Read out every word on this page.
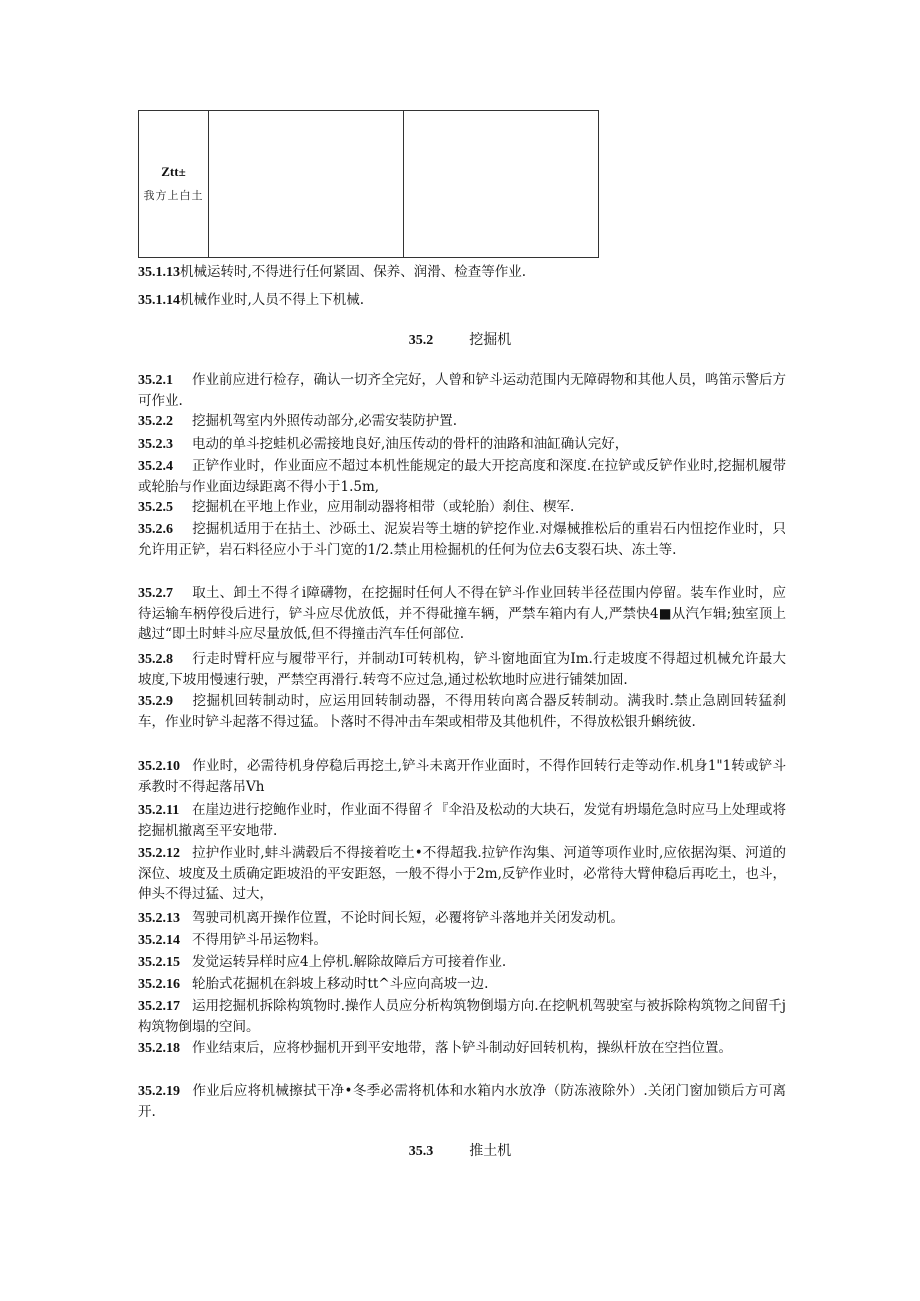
Ztt±
我方上白土

35.1.13机械运转时,不得进行任何紧固、保养、润滑、检查等作业.

35.1.14机械作业时,人员不得上下机械.

35.2	挖掘机

35.2.1 作业前应进行检存，确认一切齐全完好，人曾和铲斗运动范围内无障碍物和其他人员，鸣笛示警后方可作业.

35.2.2 挖掘机驾室内外照传动部分,必需安装防护置.

35.2.3 电动的单斗挖蛙机必需接地良好,油压传动的骨杆的油路和油缸确认完好，

35.2.4 正铲作业时，作业面应不超过本机性能规定的最大开挖高度和深度.在拉铲或反铲作业时,挖掘机履带或轮胎与作业面边绿距离不得小于1.5m,

35.2.5 挖掘机在平地上作业，应用制动器将相带（或轮胎）刹住、楔军.

35.2.6 挖掘机适用于在拈土、沙砾土、泥炭岩等土塘的铲挖作业.对爆械推松后的重岩石内忸挖作业时，只允许用正铲，岩石料径应小于斗门宽的1/2.禁止用检掘机的任何为位去6支裂石块、冻土等.

35.2.7 取土、卸土不得彳i障礴物，在挖掘时任何人不得在铲斗作业回转半径莅围内停留。装车作业时，应待运输车柄停役后进行，铲斗应尽优放低，并不得砒撞车辆，严禁车箱内有人,严禁快4■从汽乍辑;独室顶上越过“即土时蚌斗应尽量放低,但不得撞击汽车任何部位.

35.2.8 行走时臂杆应与履带平行，并制动I可转机构，铲斗窗地面宜为Im.行走坡度不得超过机械允许最大坡度,下坡用慢速行驶，严禁空再滑行.转弯不应过急,通过松软地时应进行铺桀加固.

35.2.9 挖掘机回转制动时，应运用回转制动器，不得用转向离合器反转制动。满我时.禁止急剧回转猛刹车，作业时铲斗起落不得过猛。卜落时不得冲击车架或相带及其他机件，不得放松银升蝌统彼.

35.2.10 作业时，必需待机身停稳后再挖土,铲斗未离开作业面时，不得作回转行走等动作.机身1"1转或铲斗承教时不得起落吊Vh

35.2.11 在崖边进行挖鲍作业时，作业面不得留彳『伞沿及松动的大块石，发觉有坍塌危急时应马上处理或将挖掘机撤离至平安地带.

35.2.12 拉护作业时,蚌斗满毂后不得接着吃土•不得超我.拉铲作沟集、河道等项作业时,应依据沟渠、河道的深位、坡度及土质确定距坡沿的平安距怒，一般不得小于2m,反铲作业时，必常待大臂伸稳后再吃土，也斗，伸头不得过猛、过大，

35.2.13 驾驶司机离开操作位置，不论时间长短，必覆将铲斗落地并关闭发动机。

35.2.14 不得用铲斗吊运物料。

35.2.15 发觉运转异样时应4上停机.解除故障后方可接着作业.

35.2.16 轮胎式花掘机在斜坡上移动时tt^斗应向高坡一边.

35.2.17 运用挖掘机拆除构筑物时.操作人员应分析构筑物倒塌方向.在挖帆机驾驶室与被拆除构筑物之间留千j构筑物倒塌的空间。

35.2.18 作业结束后，应将杪掘机开到平安地带，落卜铲斗制动好回转机构，操纵杆放在空挡位置。

35.2.19 作业后应将机械擦拭干净•冬季必需将机体和水箱内水放净（防冻液除外）.关闭门窗加锁后方可离开.

35.3	推土机
